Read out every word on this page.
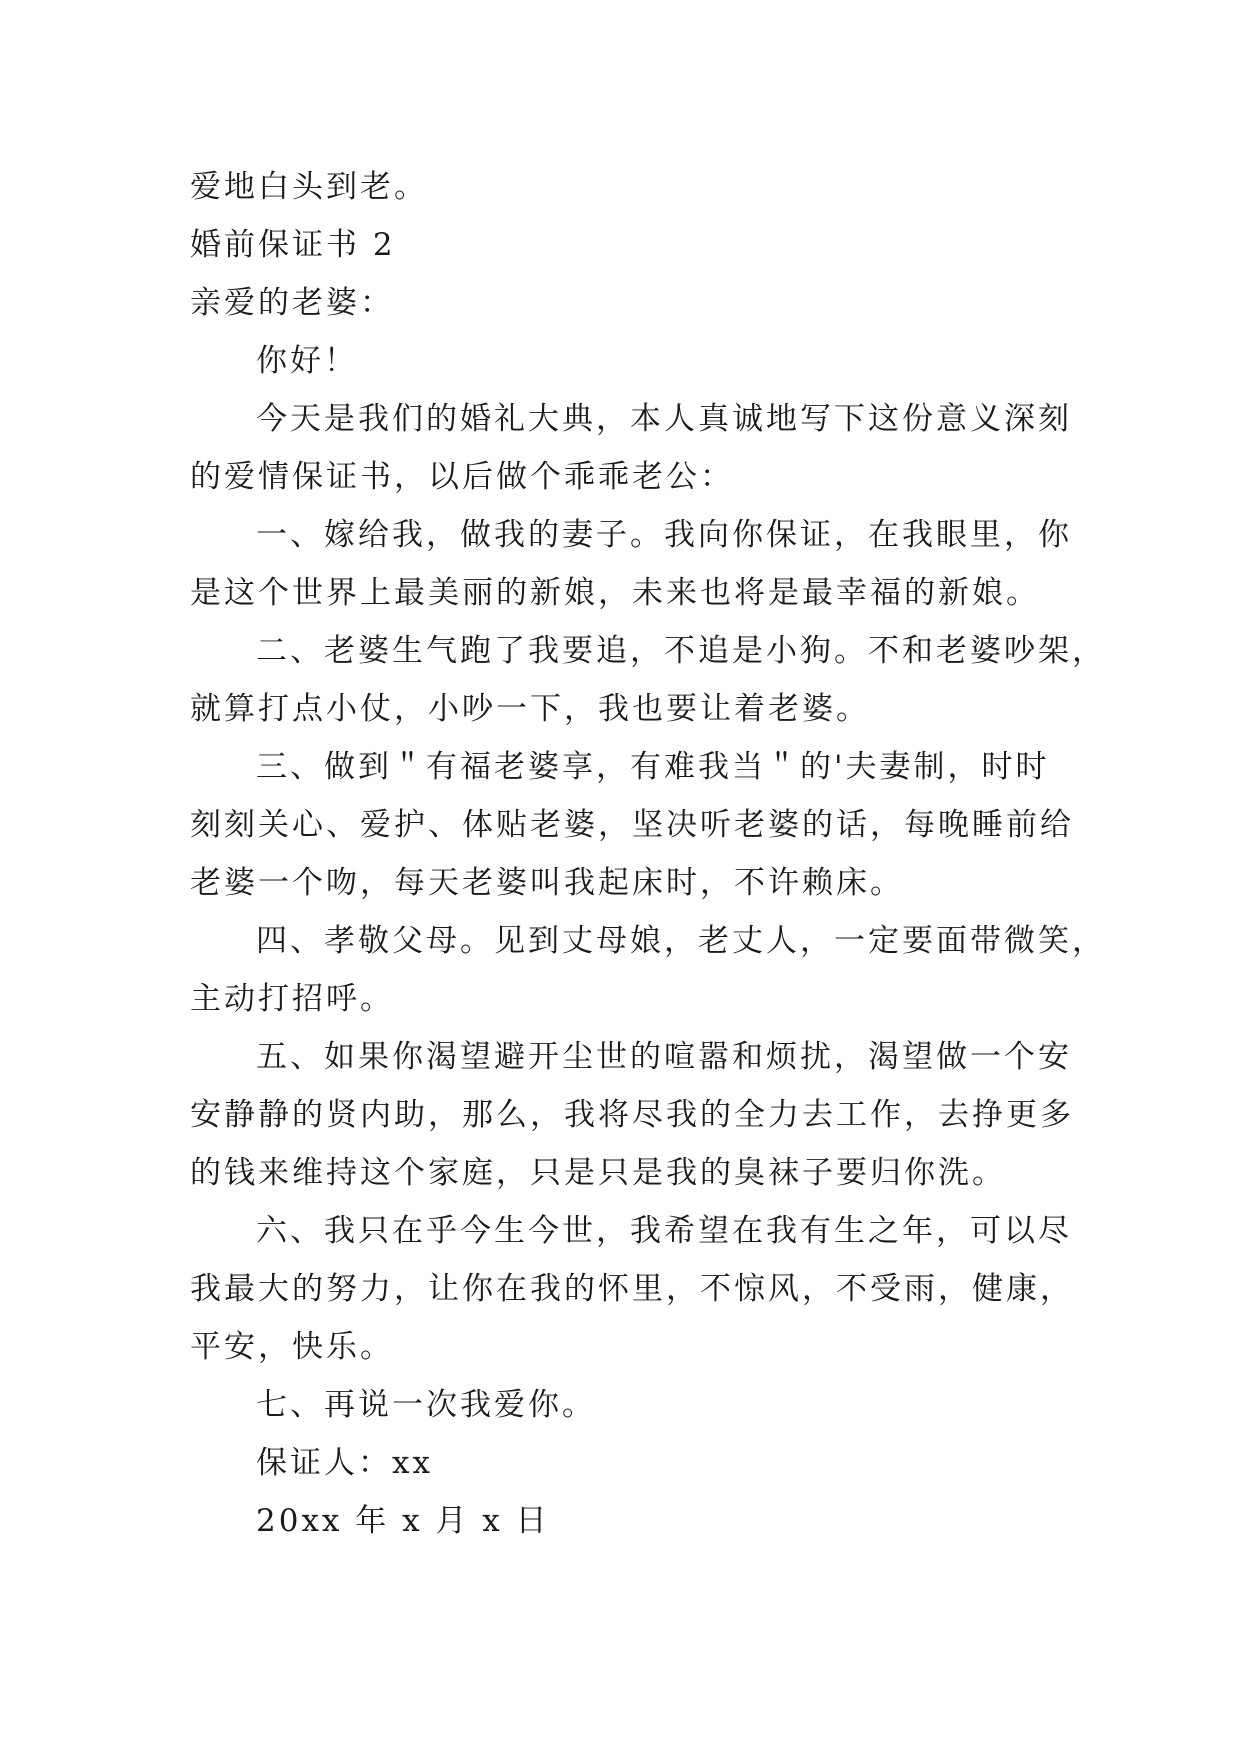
爱地白头到老。
婚前保证书 2
亲爱的老婆：
你好！
今天是我们的婚礼大典，本人真诚地写下这份意义深刻
的爱情保证书，以后做个乖乖老公：
一、嫁给我，做我的妻子。我向你保证，在我眼里，你
是这个世界上最美丽的新娘，未来也将是最幸福的新娘。
二、老婆生气跑了我要追，不追是小狗。不和老婆吵架，
就算打点小仗，小吵一下，我也要让着老婆。
三、做到＂有福老婆享，有难我当＂的'夫妻制，时时
刻刻关心、爱护、体贴老婆，坚决听老婆的话，每晚睡前给
老婆一个吻，每天老婆叫我起床时，不许赖床。
四、孝敬父母。见到丈母娘，老丈人，一定要面带微笑，
主动打招呼。
五、如果你渴望避开尘世的喧嚣和烦扰，渴望做一个安
安静静的贤内助，那么，我将尽我的全力去工作，去挣更多
的钱来维持这个家庭，只是只是我的臭袜子要归你洗。
六、我只在乎今生今世，我希望在我有生之年，可以尽
我最大的努力，让你在我的怀里，不惊风，不受雨，健康，
平安，快乐。
七、再说一次我爱你。
保证人：xx
20xx 年 x 月 x 日
